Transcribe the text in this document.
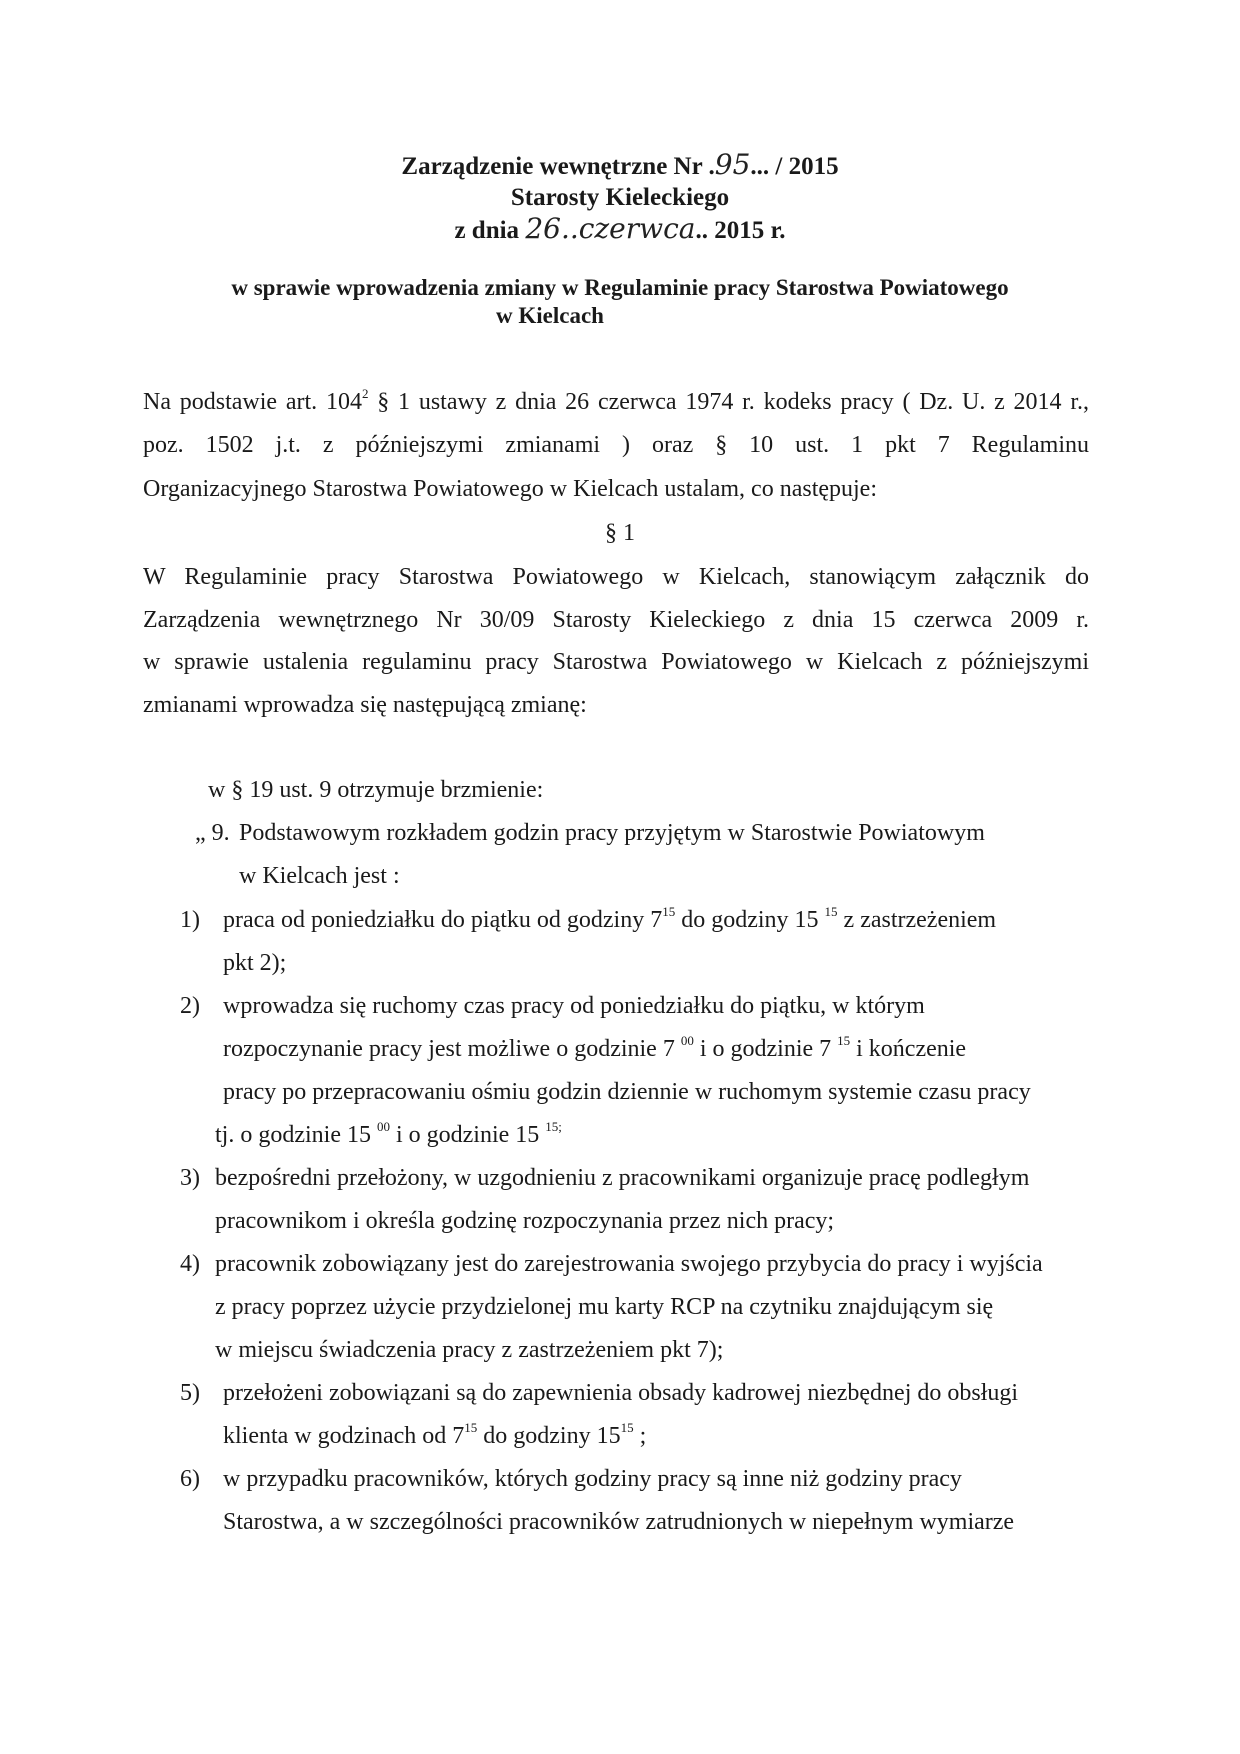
Zarządzenie wewnętrzne Nr .95... / 2015
Starosty Kieleckiego
z dnia 26..czerwca.. 2015 r.
w sprawie wprowadzenia zmiany w Regulaminie pracy Starostwa Powiatowego
w Kielcach
Na podstawie art. $104^2$ § 1 ustawy z dnia 26 czerwca 1974 r. kodeks pracy ( Dz. U. z 2014 r.,
poz. 1502 j.t. z późniejszymi zmianami ) oraz § 10 ust. 1 pkt 7 Regulaminu
Organizacyjnego Starostwa Powiatowego w Kielcach ustalam, co następuje:
§ 1
W Regulaminie pracy Starostwa Powiatowego w Kielcach, stanowiącym załącznik do
Zarządzenia wewnętrznego Nr 30/09 Starosty Kieleckiego z dnia 15 czerwca 2009 r.
w sprawie ustalenia regulaminu pracy Starostwa Powiatowego w Kielcach z późniejszymi
zmianami wprowadza się następującą zmianę:
w § 19 ust. 9 otrzymuje brzmienie:
„ 9. Podstawowym rozkładem godzin pracy przyjętym w Starostwie Powiatowym
w Kielcach jest :
1) praca od poniedziałku do piątku od godziny $7^{15}$ do godziny 15 $^{15}$ z zastrzeżeniem
pkt 2);
2) wprowadza się ruchomy czas pracy od poniedziałku do piątku, w którym
rozpoczynanie pracy jest możliwe o godzinie 7 $^{00}$ i o godzinie 7 $^{15}$ i kończenie
pracy po przepracowaniu ośmiu godzin dziennie w ruchomym systemie czasu pracy
tj. o godzinie 15 $^{00}$ i o godzinie 15 $^{15;}$
3) bezpośredni przełożony, w uzgodnieniu z pracownikami organizuje pracę podległym
pracownikom i określa godzinę rozpoczynania przez nich pracy;
4) pracownik zobowiązany jest do zarejestrowania swojego przybycia do pracy i wyjścia
z pracy poprzez użycie przydzielonej mu karty RCP na czytniku znajdującym się
w miejscu świadczenia pracy z zastrzeżeniem pkt 7);
5) przełożeni zobowiązani są do zapewnienia obsady kadrowej niezbędnej do obsługi
klienta w godzinach od $7^{15}$ do godziny $15^{15}$ ;
6) w przypadku pracowników, których godziny pracy są inne niż godziny pracy
Starostwa, a w szczególności pracowników zatrudnionych w niepełnym wymiarze
